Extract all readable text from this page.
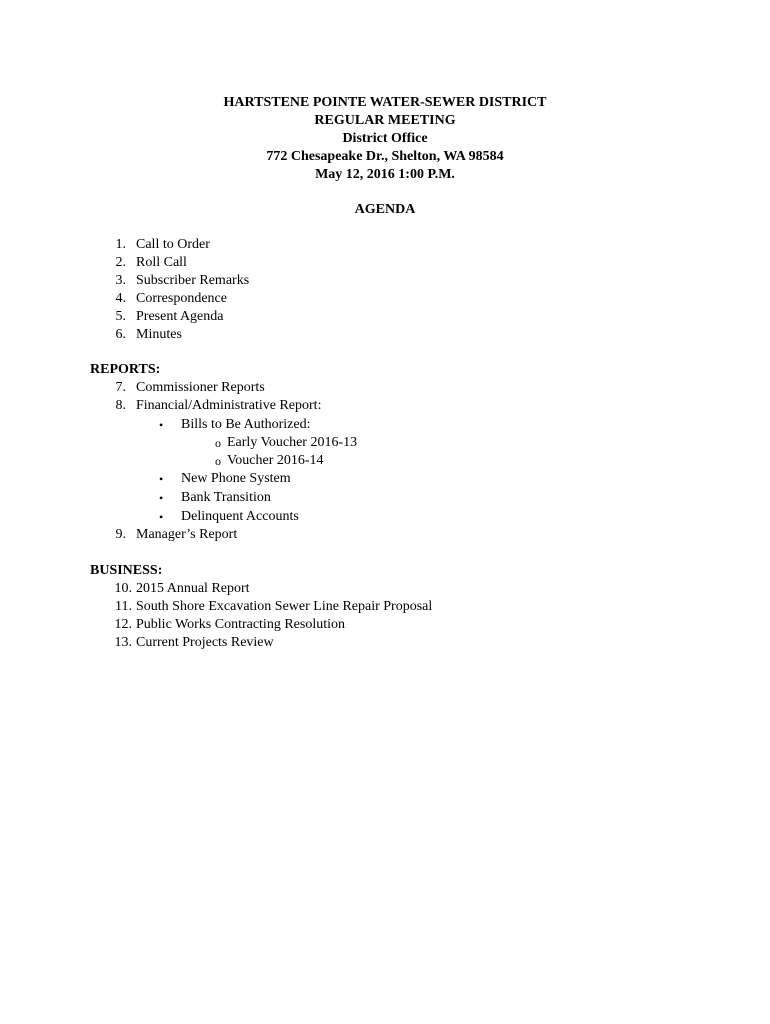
HARTSTENE POINTE WATER-SEWER DISTRICT
REGULAR MEETING
District Office
772 Chesapeake Dr., Shelton, WA 98584
May 12, 2016 1:00 P.M.
AGENDA
1. Call to Order
2. Roll Call
3. Subscriber Remarks
4. Correspondence
5. Present Agenda
6. Minutes
REPORTS:
7. Commissioner Reports
8. Financial/Administrative Report:
• Bills to Be Authorized:
o Early Voucher 2016-13
o Voucher 2016-14
• New Phone System
• Bank Transition
• Delinquent Accounts
9. Manager’s Report
BUSINESS:
10. 2015 Annual Report
11. South Shore Excavation Sewer Line Repair Proposal
12. Public Works Contracting Resolution
13. Current Projects Review
